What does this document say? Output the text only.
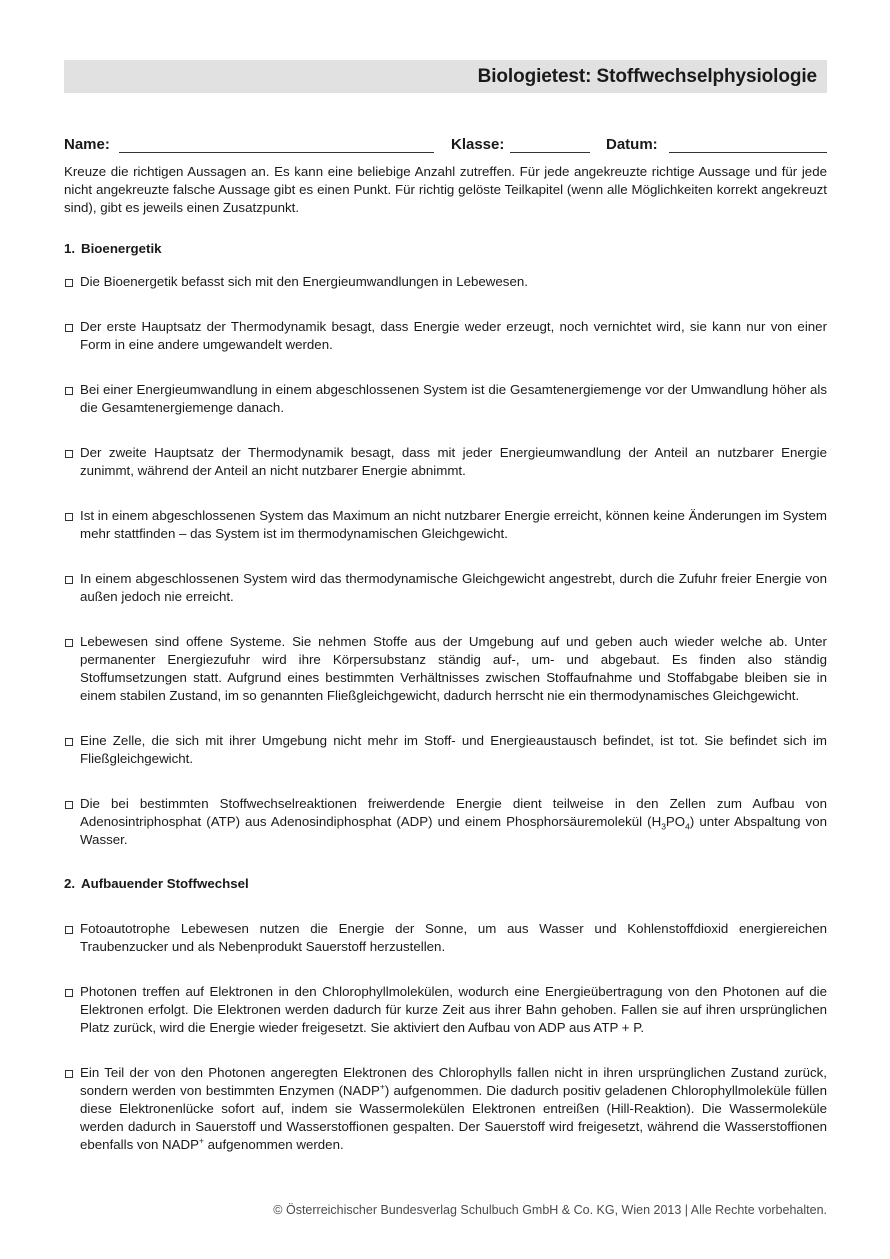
Biologietest: Stoffwechselphysiologie
Name:	Klasse:	Datum:

Kreuze die richtigen Aussagen an. Es kann eine beliebige Anzahl zutreffen. Für jede angekreuzte richtige Aussage und für jede nicht angekreuzte falsche Aussage gibt es einen Punkt. Für richtig gelöste Teilkapitel (wenn alle Möglichkeiten korrekt angekreuzt sind), gibt es jeweils einen Zusatzpunkt.

1. Bioenergetik
Die Bioenergetik befasst sich mit den Energieumwandlungen in Lebewesen.
Der erste Hauptsatz der Thermodynamik besagt, dass Energie weder erzeugt, noch vernichtet wird, sie kann nur von einer Form in eine andere umgewandelt werden.
Bei einer Energieumwandlung in einem abgeschlossenen System ist die Gesamtenergiemenge vor der Umwandlung höher als die Gesamtenergiemenge danach.
Der zweite Hauptsatz der Thermodynamik besagt, dass mit jeder Energieumwandlung der Anteil an nutzbarer Energie zunimmt, während der Anteil an nicht nutzbarer Energie abnimmt.
Ist in einem abgeschlossenen System das Maximum an nicht nutzbarer Energie erreicht, können keine Änderungen im System mehr stattfinden – das System ist im thermodynamischen Gleichgewicht.
In einem abgeschlossenen System wird das thermodynamische Gleichgewicht angestrebt, durch die Zufuhr freier Energie von außen jedoch nie erreicht.
Lebewesen sind offene Systeme. Sie nehmen Stoffe aus der Umgebung auf und geben auch wieder welche ab. Unter permanenter Energiezufuhr wird ihre Körpersubstanz ständig auf-, um- und abgebaut. Es finden also ständig Stoffumsetzungen statt. Aufgrund eines bestimmten Verhältnisses zwischen Stoffaufnahme und Stoffabgabe bleiben sie in einem stabilen Zustand, im so genannten Fließgleichgewicht, dadurch herrscht nie ein thermodynamisches Gleichgewicht.
Eine Zelle, die sich mit ihrer Umgebung nicht mehr im Stoff- und Energieaustausch befindet, ist tot. Sie befindet sich im Fließgleichgewicht.
Die bei bestimmten Stoffwechselreaktionen freiwerdende Energie dient teilweise in den Zellen zum Aufbau von Adenosintriphosphat (ATP) aus Adenosindiphosphat (ADP) und einem Phosphorsäuremolekül $(H_3PO_4)$ unter Abspaltung von Wasser.
2. Aufbauender Stoffwechsel
Fotoautotrophe Lebewesen nutzen die Energie der Sonne, um aus Wasser und Kohlenstoffdioxid energiereichen Traubenzucker und als Nebenprodukt Sauerstoff herzustellen.
Photonen treffen auf Elektronen in den Chlorophyllmolekülen, wodurch eine Energieübertragung von den Photonen auf die Elektronen erfolgt. Die Elektronen werden dadurch für kurze Zeit aus ihrer Bahn gehoben. Fallen sie auf ihren ursprünglichen Platz zurück, wird die Energie wieder freigesetzt. Sie aktiviert den Aufbau von ADP aus ATP + P.
Ein Teil der von den Photonen angeregten Elektronen des Chlorophylls fallen nicht in ihren ursprünglichen Zustand zurück, sondern werden von bestimmten Enzymen (NADP+) aufgenommen. Die dadurch positiv geladenen Chlorophyllmoleküle füllen diese Elektronenlücke sofort auf, indem sie Wassermolekülen Elektronen entreißen (Hill-Reaktion). Die Wassermoleküle werden dadurch in Sauerstoff und Wasserstoffionen gespalten. Der Sauerstoff wird freigesetzt, während die Wasserstoffionen ebenfalls von NADP+ aufgenommen werden.
© Österreichischer Bundesverlag Schulbuch GmbH & Co. KG, Wien 2013 | Alle Rechte vorbehalten.
